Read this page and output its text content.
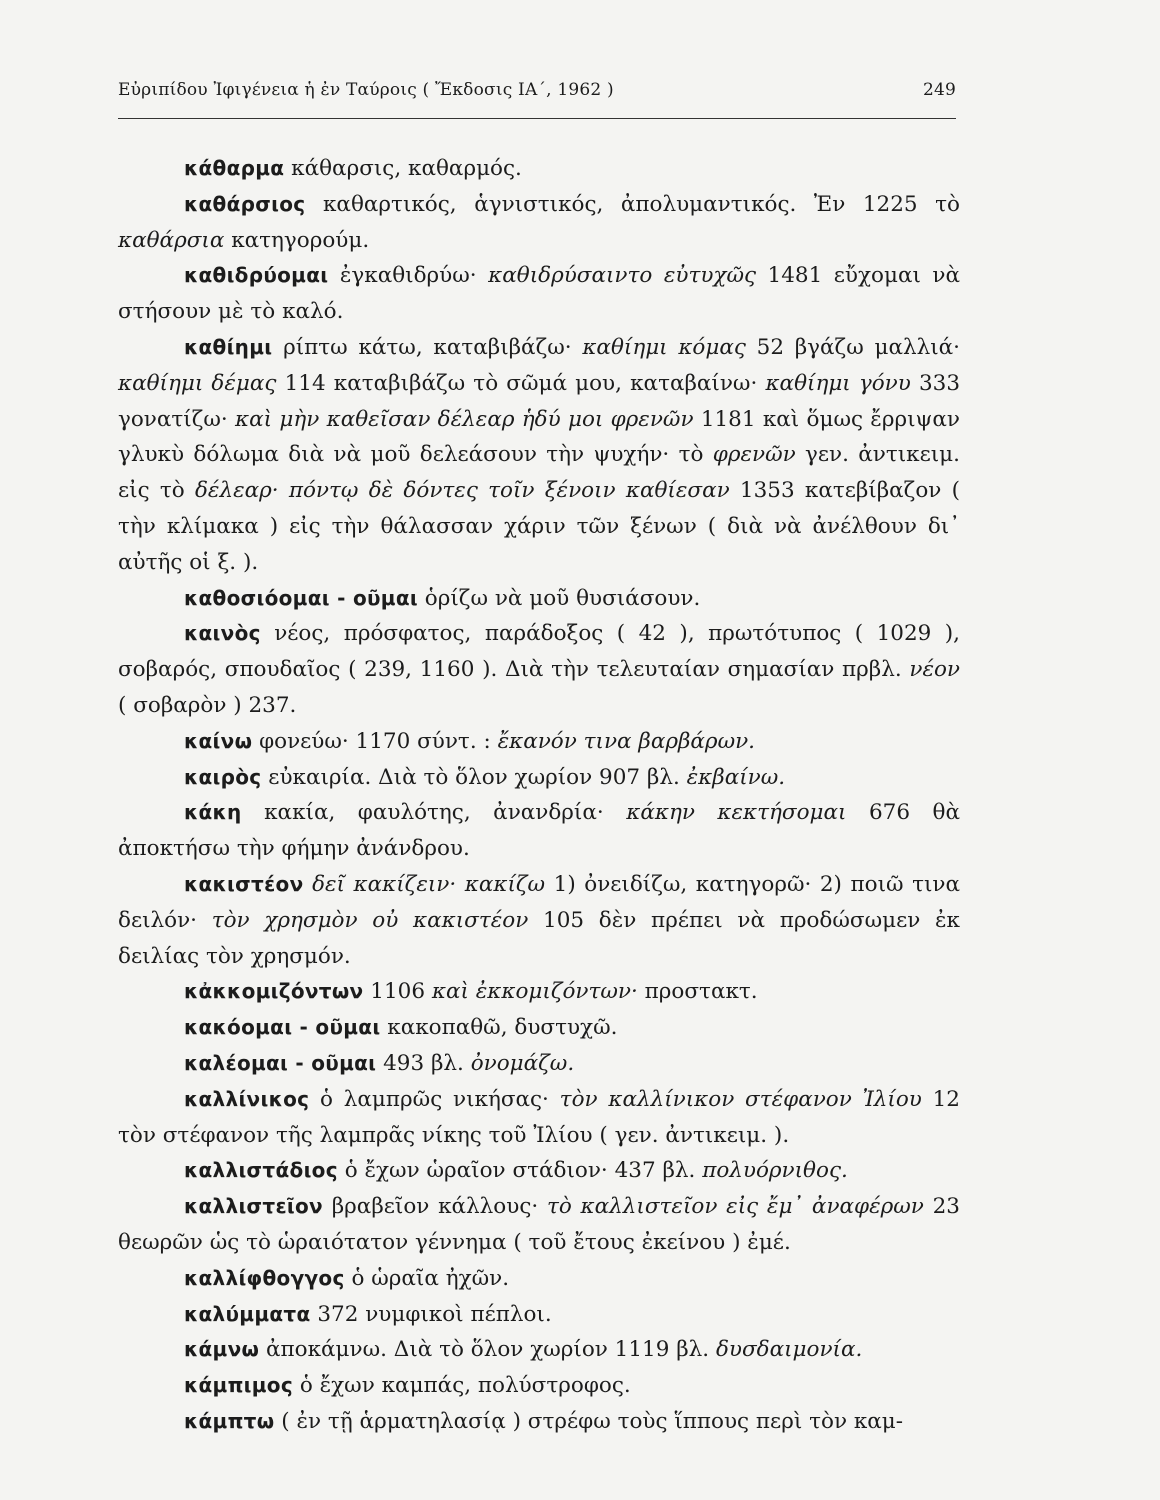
Εὐριπίδου Ἰφιγένεια ἡ ἐν Ταύροις ( Ἔκδοσις ΙΑ΄, 1962 )	249

κάθαρμα κάθαρσις, καθαρμός.

καθάρσιος καθαρτικός, ἁγνιστικός, ἀπολυμαντικός. Ἐν 1225 τὸ καθάρσια κατηγορούμ.

καθιδρύομαι ἐγκαθιδρύω· καθιδρύσαιντο εὐτυχῶς 1481 εὔχομαι νὰ στήσουν μὲ τὸ καλό.

καθίημι ρίπτω κάτω, καταβιβάζω· καθίημι κόμας 52 βγάζω μαλλιά· καθίημι δέμας 114 καταβιβάζω τὸ σῶμά μου, καταβαίνω· καθίημι γόνυ 333 γονατίζω· καὶ μὴν καθεῖσαν δέλεαρ ἡδύ μοι φρενῶν 1181 καὶ ὅμως ἔρριψαν γλυκὺ δόλωμα διὰ νὰ μοῦ δελεάσουν τὴν ψυχήν· τὸ φρενῶν γεν. ἀντικειμ. εἰς τὸ δέλεαρ· πόντῳ δὲ δόντες τοῖν ξένοιν καθίεσαν 1353 κατεβίβαζον ( τὴν κλίμακα ) εἰς τὴν θάλασσαν χάριν τῶν ξένων ( διὰ νὰ ἀνέλθουν δι᾽ αὐτῆς οἱ ξ. ).

καθοσιόομαι - οῦμαι ὁρίζω νὰ μοῦ θυσιάσουν.

καινὸς νέος, πρόσφατος, παράδοξος ( 42 ), πρωτότυπος ( 1029 ), σοβαρός, σπουδαῖος ( 239, 1160 ). Διὰ τὴν τελευταίαν σημασίαν πρβλ. νέον ( σοβαρὸν ) 237.

καίνω φονεύω· 1170 σύντ. : ἔκανόν τινα βαρβάρων.

καιρὸς εὐκαιρία. Διὰ τὸ ὅλον χωρίον 907 βλ. ἐκβαίνω.

κάκη κακία, φαυλότης, ἀνανδρία· κάκην κεκτήσομαι 676 θὰ ἀποκτήσω τὴν φήμην ἀνάνδρου.

κακιστέον δεῖ κακίζειν· κακίζω 1) ὀνειδίζω, κατηγορῶ· 2) ποιῶ τινα δειλόν· τὸν χρησμὸν οὐ κακιστέον 105 δὲν πρέπει νὰ προδώσωμεν ἐκ δειλίας τὸν χρησμόν.

κἀκκομιζόντων 1106 καὶ ἐκκομιζόντων· προστακτ.

κακόομαι - οῦμαι κακοπαθῶ, δυστυχῶ.

καλέομαι - οῦμαι 493 βλ. ὀνομάζω.

καλλίνικος ὁ λαμπρῶς νικήσας· τὸν καλλίνικον στέφανον Ἰλίου 12 τὸν στέφανον τῆς λαμπρᾶς νίκης τοῦ Ἰλίου ( γεν. ἀντικειμ. ).

καλλιστάδιος ὁ ἔχων ὡραῖον στάδιον· 437 βλ. πολυόρνιθος.

καλλιστεῖον βραβεῖον κάλλους· τὸ καλλιστεῖον εἰς ἔμ᾽ ἀναφέρων 23 θεωρῶν ὡς τὸ ὡραιότατον γέννημα ( τοῦ ἔτους ἐκείνου ) ἐμέ.

καλλίφθογγος ὁ ὡραῖα ἠχῶν.

καλύμματα 372 νυμφικοὶ πέπλοι.

κάμνω ἀποκάμνω. Διὰ τὸ ὅλον χωρίον 1119 βλ. δυσδαιμονία.

κάμπιμος ὁ ἔχων καμπάς, πολύστροφος.

κάμπτω ( ἐν τῇ ἁρματηλασίᾳ ) στρέφω τοὺς ἵππους περὶ τὸν καμ-
